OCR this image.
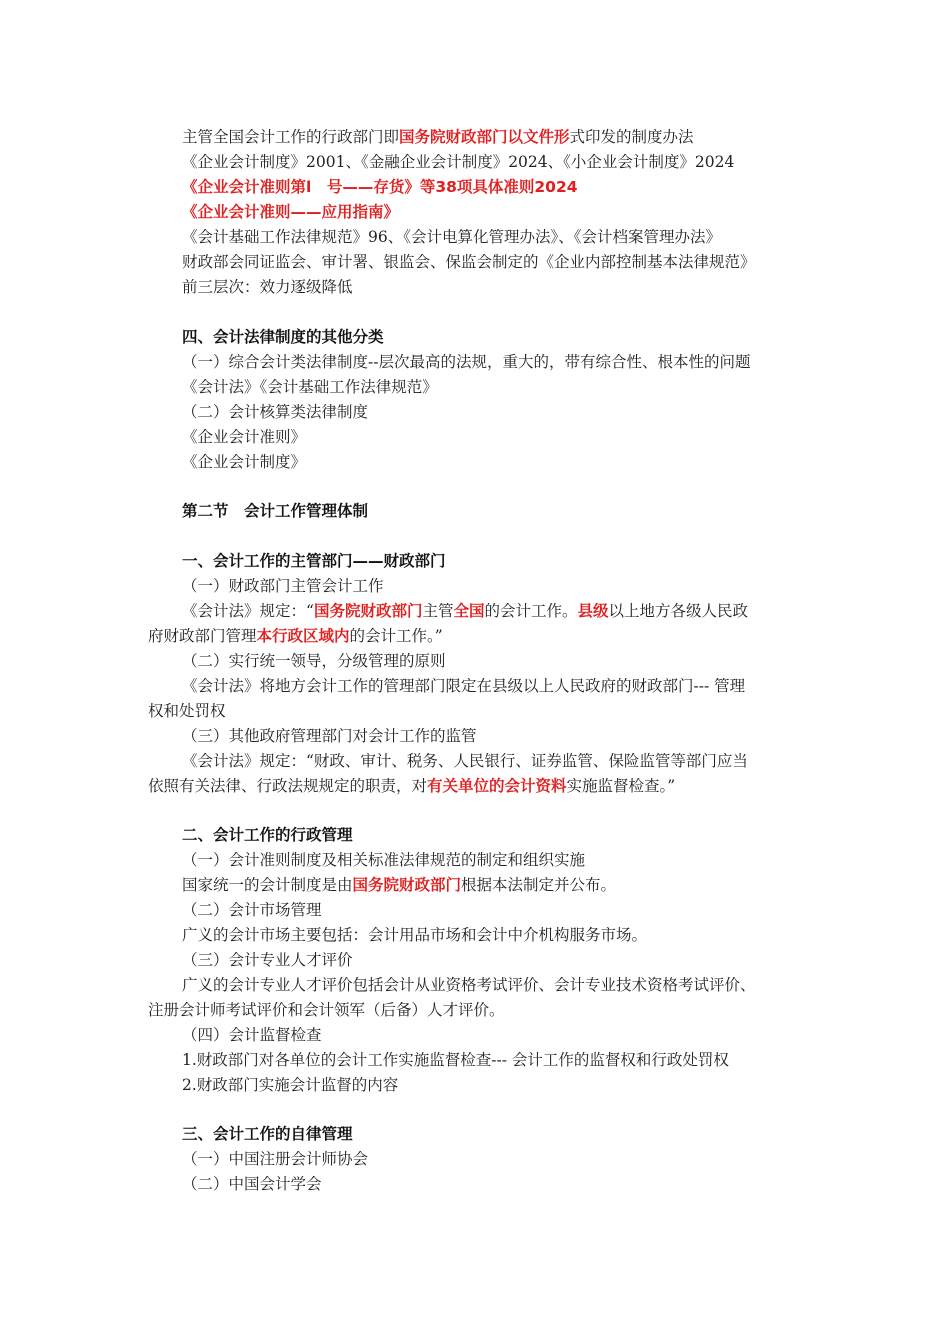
主管全国会计工作的行政部门即国务院财政部门以文件形式印发的制度办法
《企业会计制度》2001、《金融企业会计制度》2024、《小企业会计制度》2024
《企业会计准则第l　号——存货》等38项具体准则2024
《企业会计准则——应用指南》
《会计基础工作法律规范》96、《会计电算化管理办法》、《会计档案管理办法》
财政部会同证监会、审计署、银监会、保监会制定的《企业内部控制基本法律规范》
前三层次：效力逐级降低
四、会计法律制度的其他分类
（一）综合会计类法律制度--层次最高的法规，重大的，带有综合性、根本性的问题
《会计法》《会计基础工作法律规范》
（二）会计核算类法律制度
《企业会计准则》
《企业会计制度》
第二节　会计工作管理体制
一、会计工作的主管部门——财政部门
（一）财政部门主管会计工作
《会计法》规定：“国务院财政部门主管全国的会计工作。县级以上地方各级人民政
府财政部门管理本行政区域内的会计工作。”
（二）实行统一领导，分级管理的原则
《会计法》将地方会计工作的管理部门限定在县级以上人民政府的财政部门--- 管理
权和处罚权
（三）其他政府管理部门对会计工作的监管
《会计法》规定：“财政、审计、税务、人民银行、证券监管、保险监管等部门应当
依照有关法律、行政法规规定的职责，对有关单位的会计资料实施监督检查。”
二、会计工作的行政管理
（一）会计准则制度及相关标准法律规范的制定和组织实施
国家统一的会计制度是由国务院财政部门根据本法制定并公布。
（二）会计市场管理
广义的会计市场主要包括：会计用品市场和会计中介机构服务市场。
（三）会计专业人才评价
广义的会计专业人才评价包括会计从业资格考试评价、会计专业技术资格考试评价、
注册会计师考试评价和会计领军（后备）人才评价。
（四）会计监督检查
1.财政部门对各单位的会计工作实施监督检查--- 会计工作的监督权和行政处罚权
2.财政部门实施会计监督的内容
三、会计工作的自律管理
（一）中国注册会计师协会
（二）中国会计学会
